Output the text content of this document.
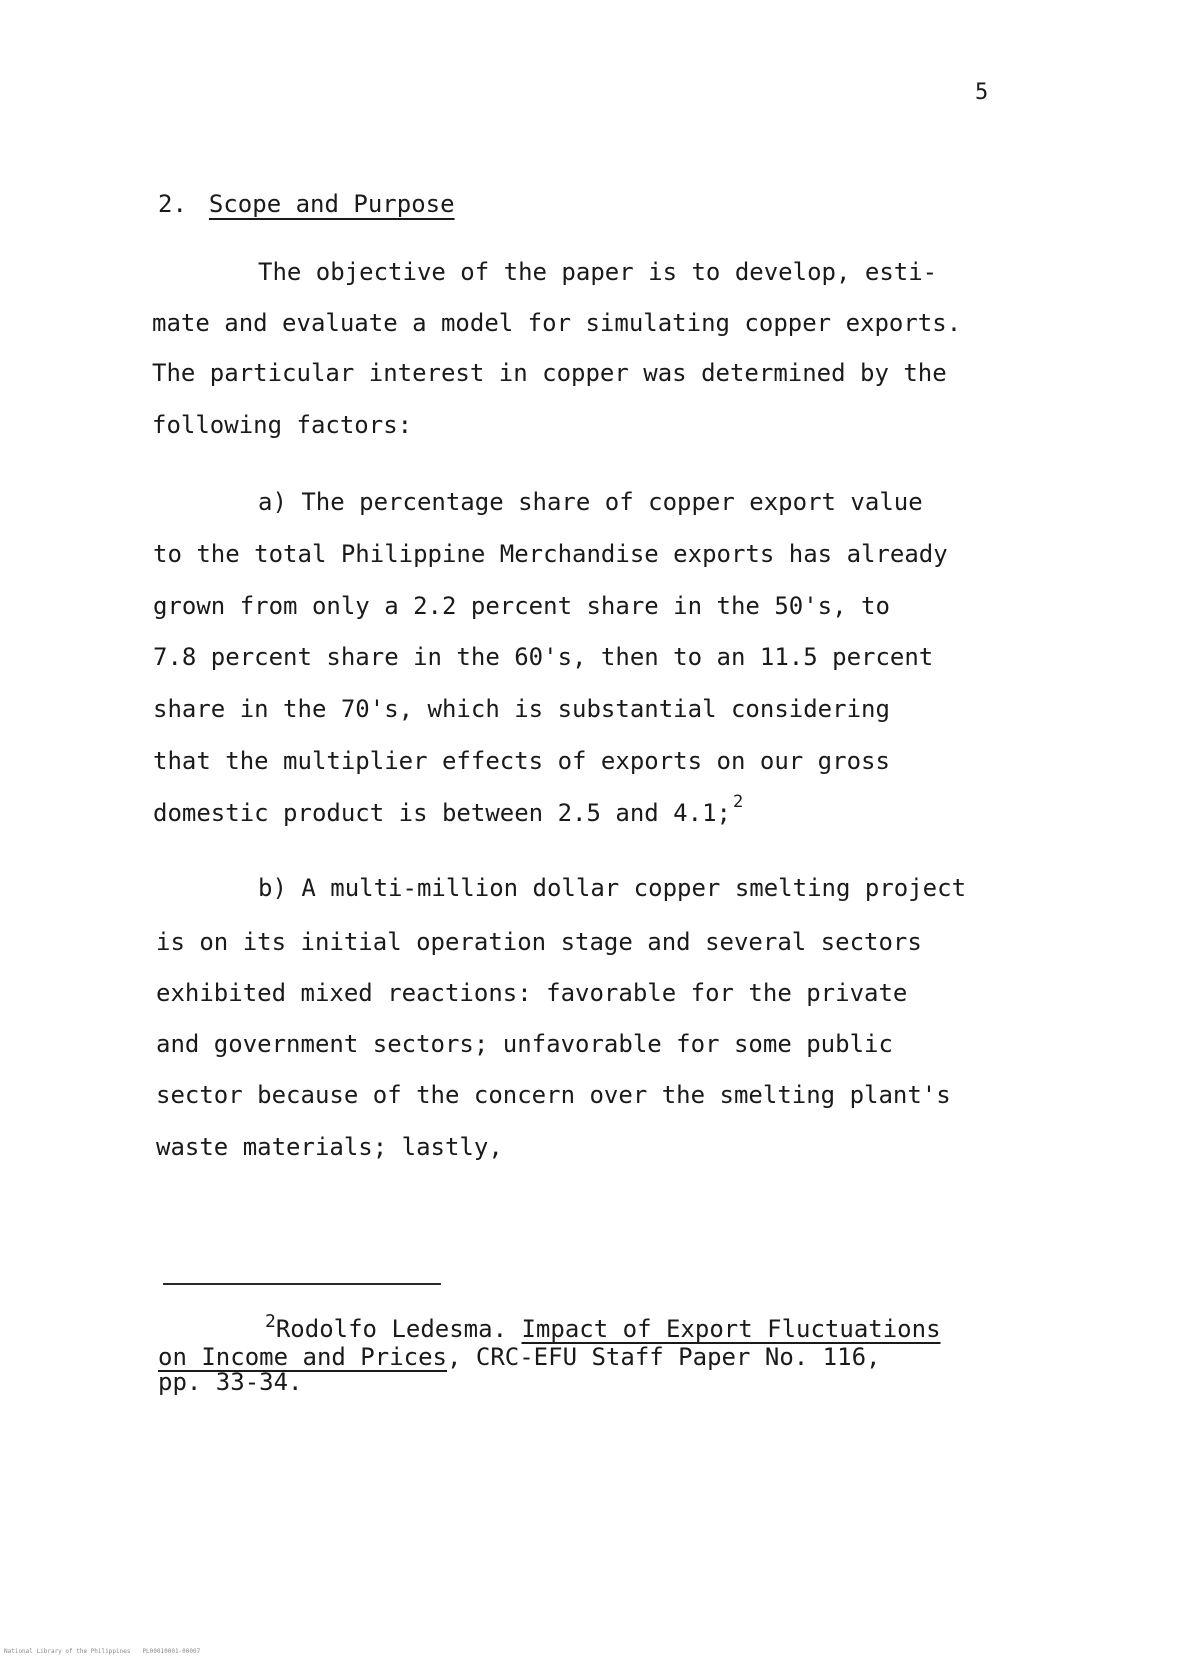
5
2. Scope and Purpose
The objective of the paper is to develop, esti-
mate and evaluate a model for simulating copper exports.
The particular interest in copper was determined by the
following factors:
a) The percentage share of copper export value
to the total Philippine Merchandise exports has already
grown from only a 2.2 percent share in the 50's, to
7.8 percent share in the 60's, then to an 11.5 percent
share in the 70's, which is substantial considering
that the multiplier effects of exports on our gross
domestic product is between 2.5 and 4.1; $^2$
b) A multi-million dollar copper smelting project
is on its initial operation stage and several sectors
exhibited mixed reactions: favorable for the private
and government sectors; unfavorable for some public
sector because of the concern over the smelting plant's
waste materials; lastly,
$^2$Rodolfo Ledesma. Impact of Export Fluctuations
on Income and Prices, CRC-EFU Staff Paper No. 116,
pp. 33-34.
National Library of the Philippines PL00010001-00007
